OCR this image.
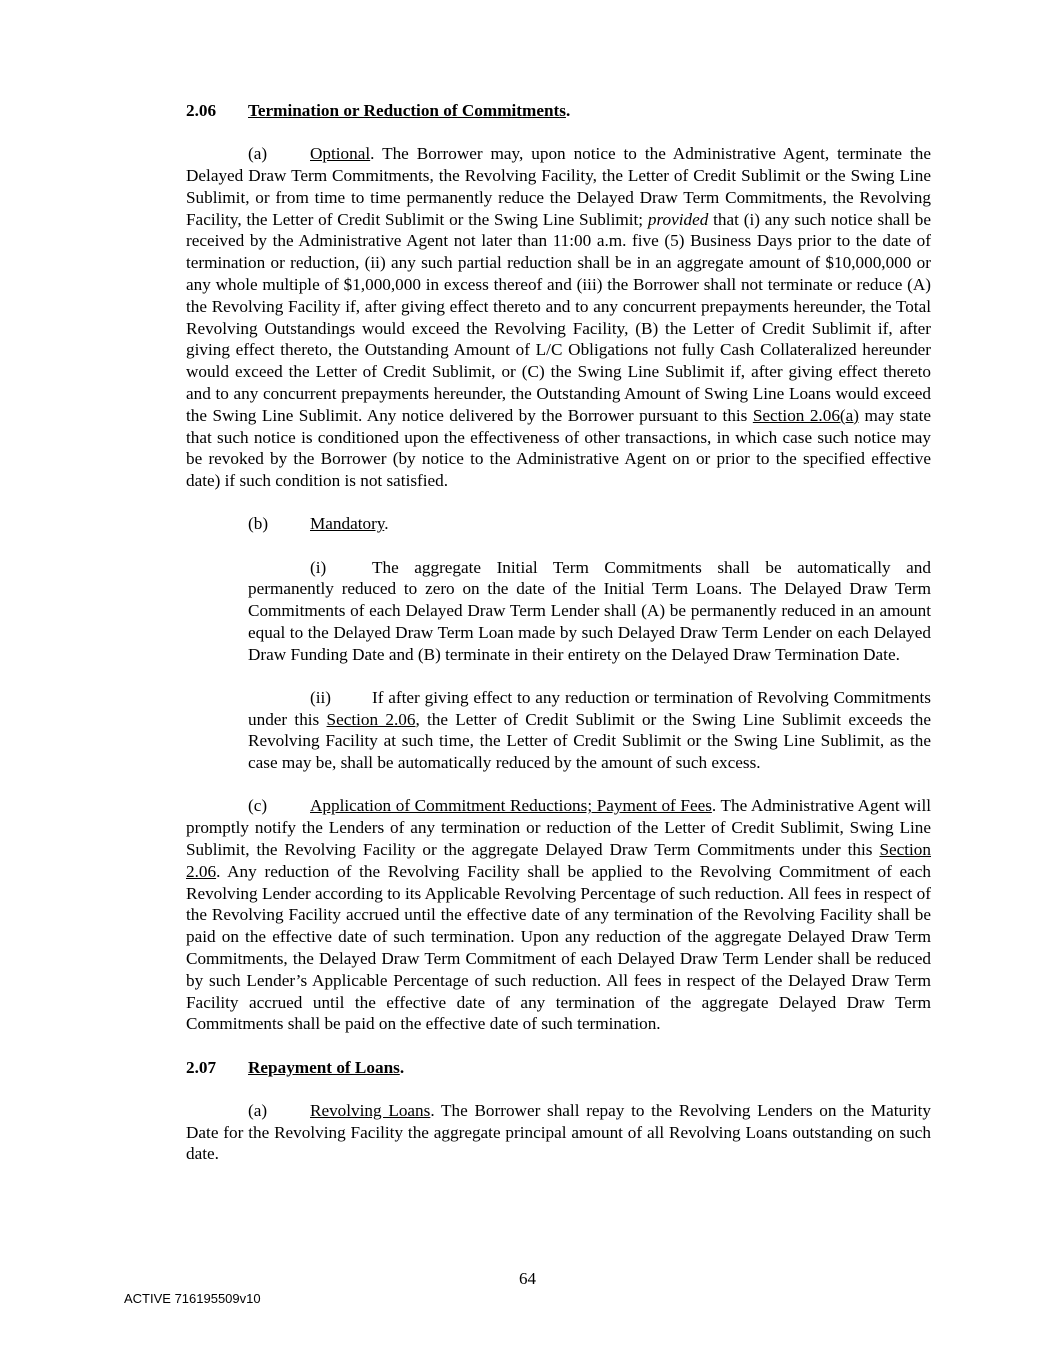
2.06 Termination or Reduction of Commitments.

(a) Optional. The Borrower may, upon notice to the Administrative Agent, terminate the Delayed Draw Term Commitments, the Revolving Facility, the Letter of Credit Sublimit or the Swing Line Sublimit, or from time to time permanently reduce the Delayed Draw Term Commitments, the Revolving Facility, the Letter of Credit Sublimit or the Swing Line Sublimit; provided that (i) any such notice shall be received by the Administrative Agent not later than 11:00 a.m. five (5) Business Days prior to the date of termination or reduction, (ii) any such partial reduction shall be in an aggregate amount of $10,000,000 or any whole multiple of $1,000,000 in excess thereof and (iii) the Borrower shall not terminate or reduce (A) the Revolving Facility if, after giving effect thereto and to any concurrent prepayments hereunder, the Total Revolving Outstandings would exceed the Revolving Facility, (B) the Letter of Credit Sublimit if, after giving effect thereto, the Outstanding Amount of L/C Obligations not fully Cash Collateralized hereunder would exceed the Letter of Credit Sublimit, or (C) the Swing Line Sublimit if, after giving effect thereto and to any concurrent prepayments hereunder, the Outstanding Amount of Swing Line Loans would exceed the Swing Line Sublimit. Any notice delivered by the Borrower pursuant to this Section 2.06(a) may state that such notice is conditioned upon the effectiveness of other transactions, in which case such notice may be revoked by the Borrower (by notice to the Administrative Agent on or prior to the specified effective date) if such condition is not satisfied.

(b) Mandatory.

(i)	The aggregate Initial Term Commitments shall be automatically and permanently reduced to zero on the date of the Initial Term Loans. The Delayed Draw Term Commitments of each Delayed Draw Term Lender shall (A) be permanently reduced in an amount equal to the Delayed Draw Term Loan made by such Delayed Draw Term Lender on each Delayed Draw Funding Date and (B) terminate in their entirety on the Delayed Draw Termination Date.

(ii) If after giving effect to any reduction or termination of Revolving Commitments under this Section 2.06, the Letter of Credit Sublimit or the Swing Line Sublimit exceeds the Revolving Facility at such time, the Letter of Credit Sublimit or the Swing Line Sublimit, as the case may be, shall be automatically reduced by the amount of such excess.

(c) Application of Commitment Reductions; Payment of Fees. The Administrative Agent will promptly notify the Lenders of any termination or reduction of the Letter of Credit Sublimit, Swing Line Sublimit, the Revolving Facility or the aggregate Delayed Draw Term Commitments under this Section 2.06. Any reduction of the Revolving Facility shall be applied to the Revolving Commitment of each Revolving Lender according to its Applicable Revolving Percentage of such reduction. All fees in respect of the Revolving Facility accrued until the effective date of any termination of the Revolving Facility shall be paid on the effective date of such termination. Upon any reduction of the aggregate Delayed Draw Term Commitments, the Delayed Draw Term Commitment of each Delayed Draw Term Lender shall be reduced by such Lender’s Applicable Percentage of such reduction. All fees in respect of the Delayed Draw Term Facility accrued until the effective date of any termination of the aggregate Delayed Draw Term Commitments shall be paid on the effective date of such termination.

2.07 Repayment of Loans.

(a) Revolving Loans. The Borrower shall repay to the Revolving Lenders on the Maturity Date for the Revolving Facility the aggregate principal amount of all Revolving Loans outstanding on such date.

64
ACTIVE 716195509v10
